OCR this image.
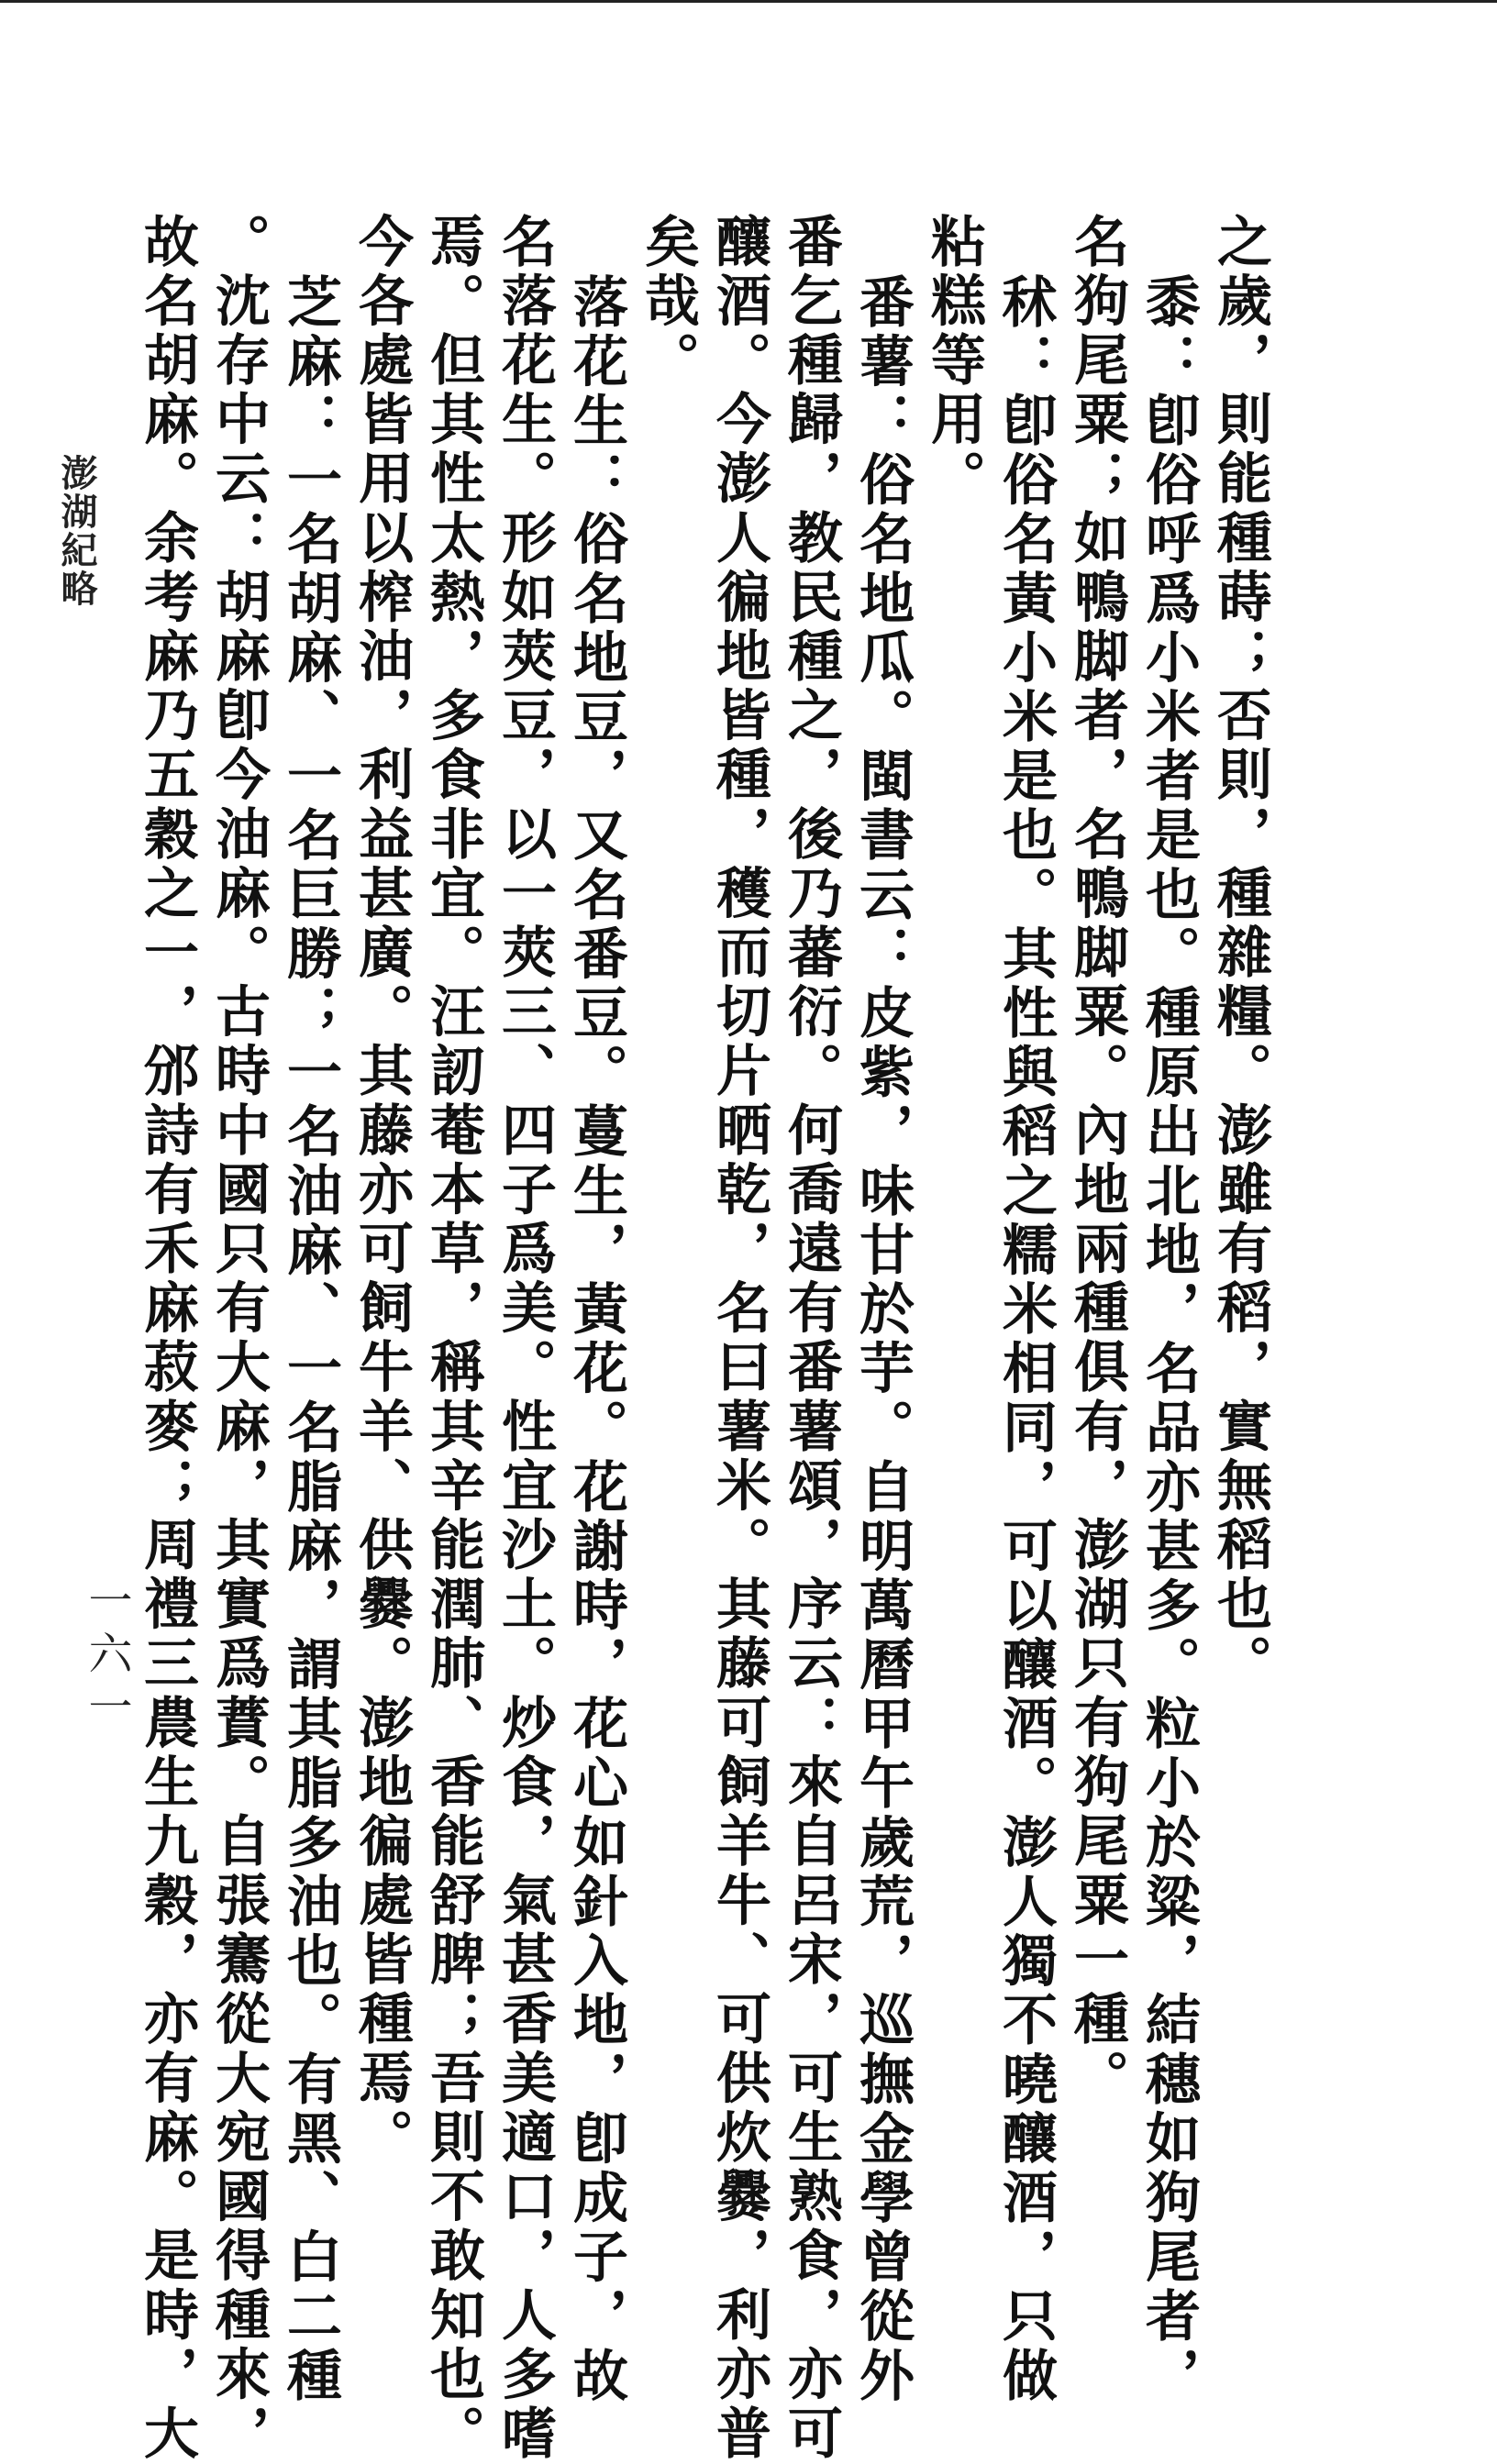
之歲，則能種蒔；否則，種雜糧。澎雖有稻，實無稻也。
黍：卽俗呼爲小米者是也。種原出北地，名品亦甚多。粒小於粱，結穗如狗尾者，
名狗尾粟；如鴨脚者，名鴨脚粟。內地兩種俱有，澎湖只有狗尾粟一種。
秫：卽俗名黃小米是也。其性與稻之糯米相同，可以釀酒。澎人獨不曉釀酒，只做
粘糕等用。
番薯：俗名地瓜。閩書云：皮紫，味甘於芋。自明萬曆甲午歲荒，巡撫金學曾從外
番乞種歸，教民種之，後乃蕃衍。何喬遠有番薯頌，序云：來自呂宋，可生熟食，亦可
釀酒。今澎人徧地皆種，穫而切片晒乾，名曰薯米。其藤可飼羊牛、可供炊爨，利亦普
矣哉。
落花生：俗名地豆，又名番豆。蔓生，黃花。花謝時，花心如針入地，卽成子，故
名落花生。形如莢豆，以一莢三、四子爲美。性宜沙土。炒食，氣甚香美適口，人多嗜
焉。但其性太熱，多食非宜。汪訒菴本草，稱其辛能潤肺、香能舒脾；吾則不敢知也。
今各處皆用以榨油，利益甚廣。其藤亦可飼牛羊、供爨。澎地徧處皆種焉。
芝麻：一名胡麻、一名巨勝；一名油麻、一名脂麻，謂其脂多油也。有黑、白二種
。沈存中云：胡麻卽今油麻。古時中國只有大麻，其實爲蕡。自張騫從大宛國得種來，
故名胡麻。余考麻乃五穀之一，邠詩有禾麻菽麥；周禮三農生九穀，亦有麻。是時，大
澎湖紀略
一六一
